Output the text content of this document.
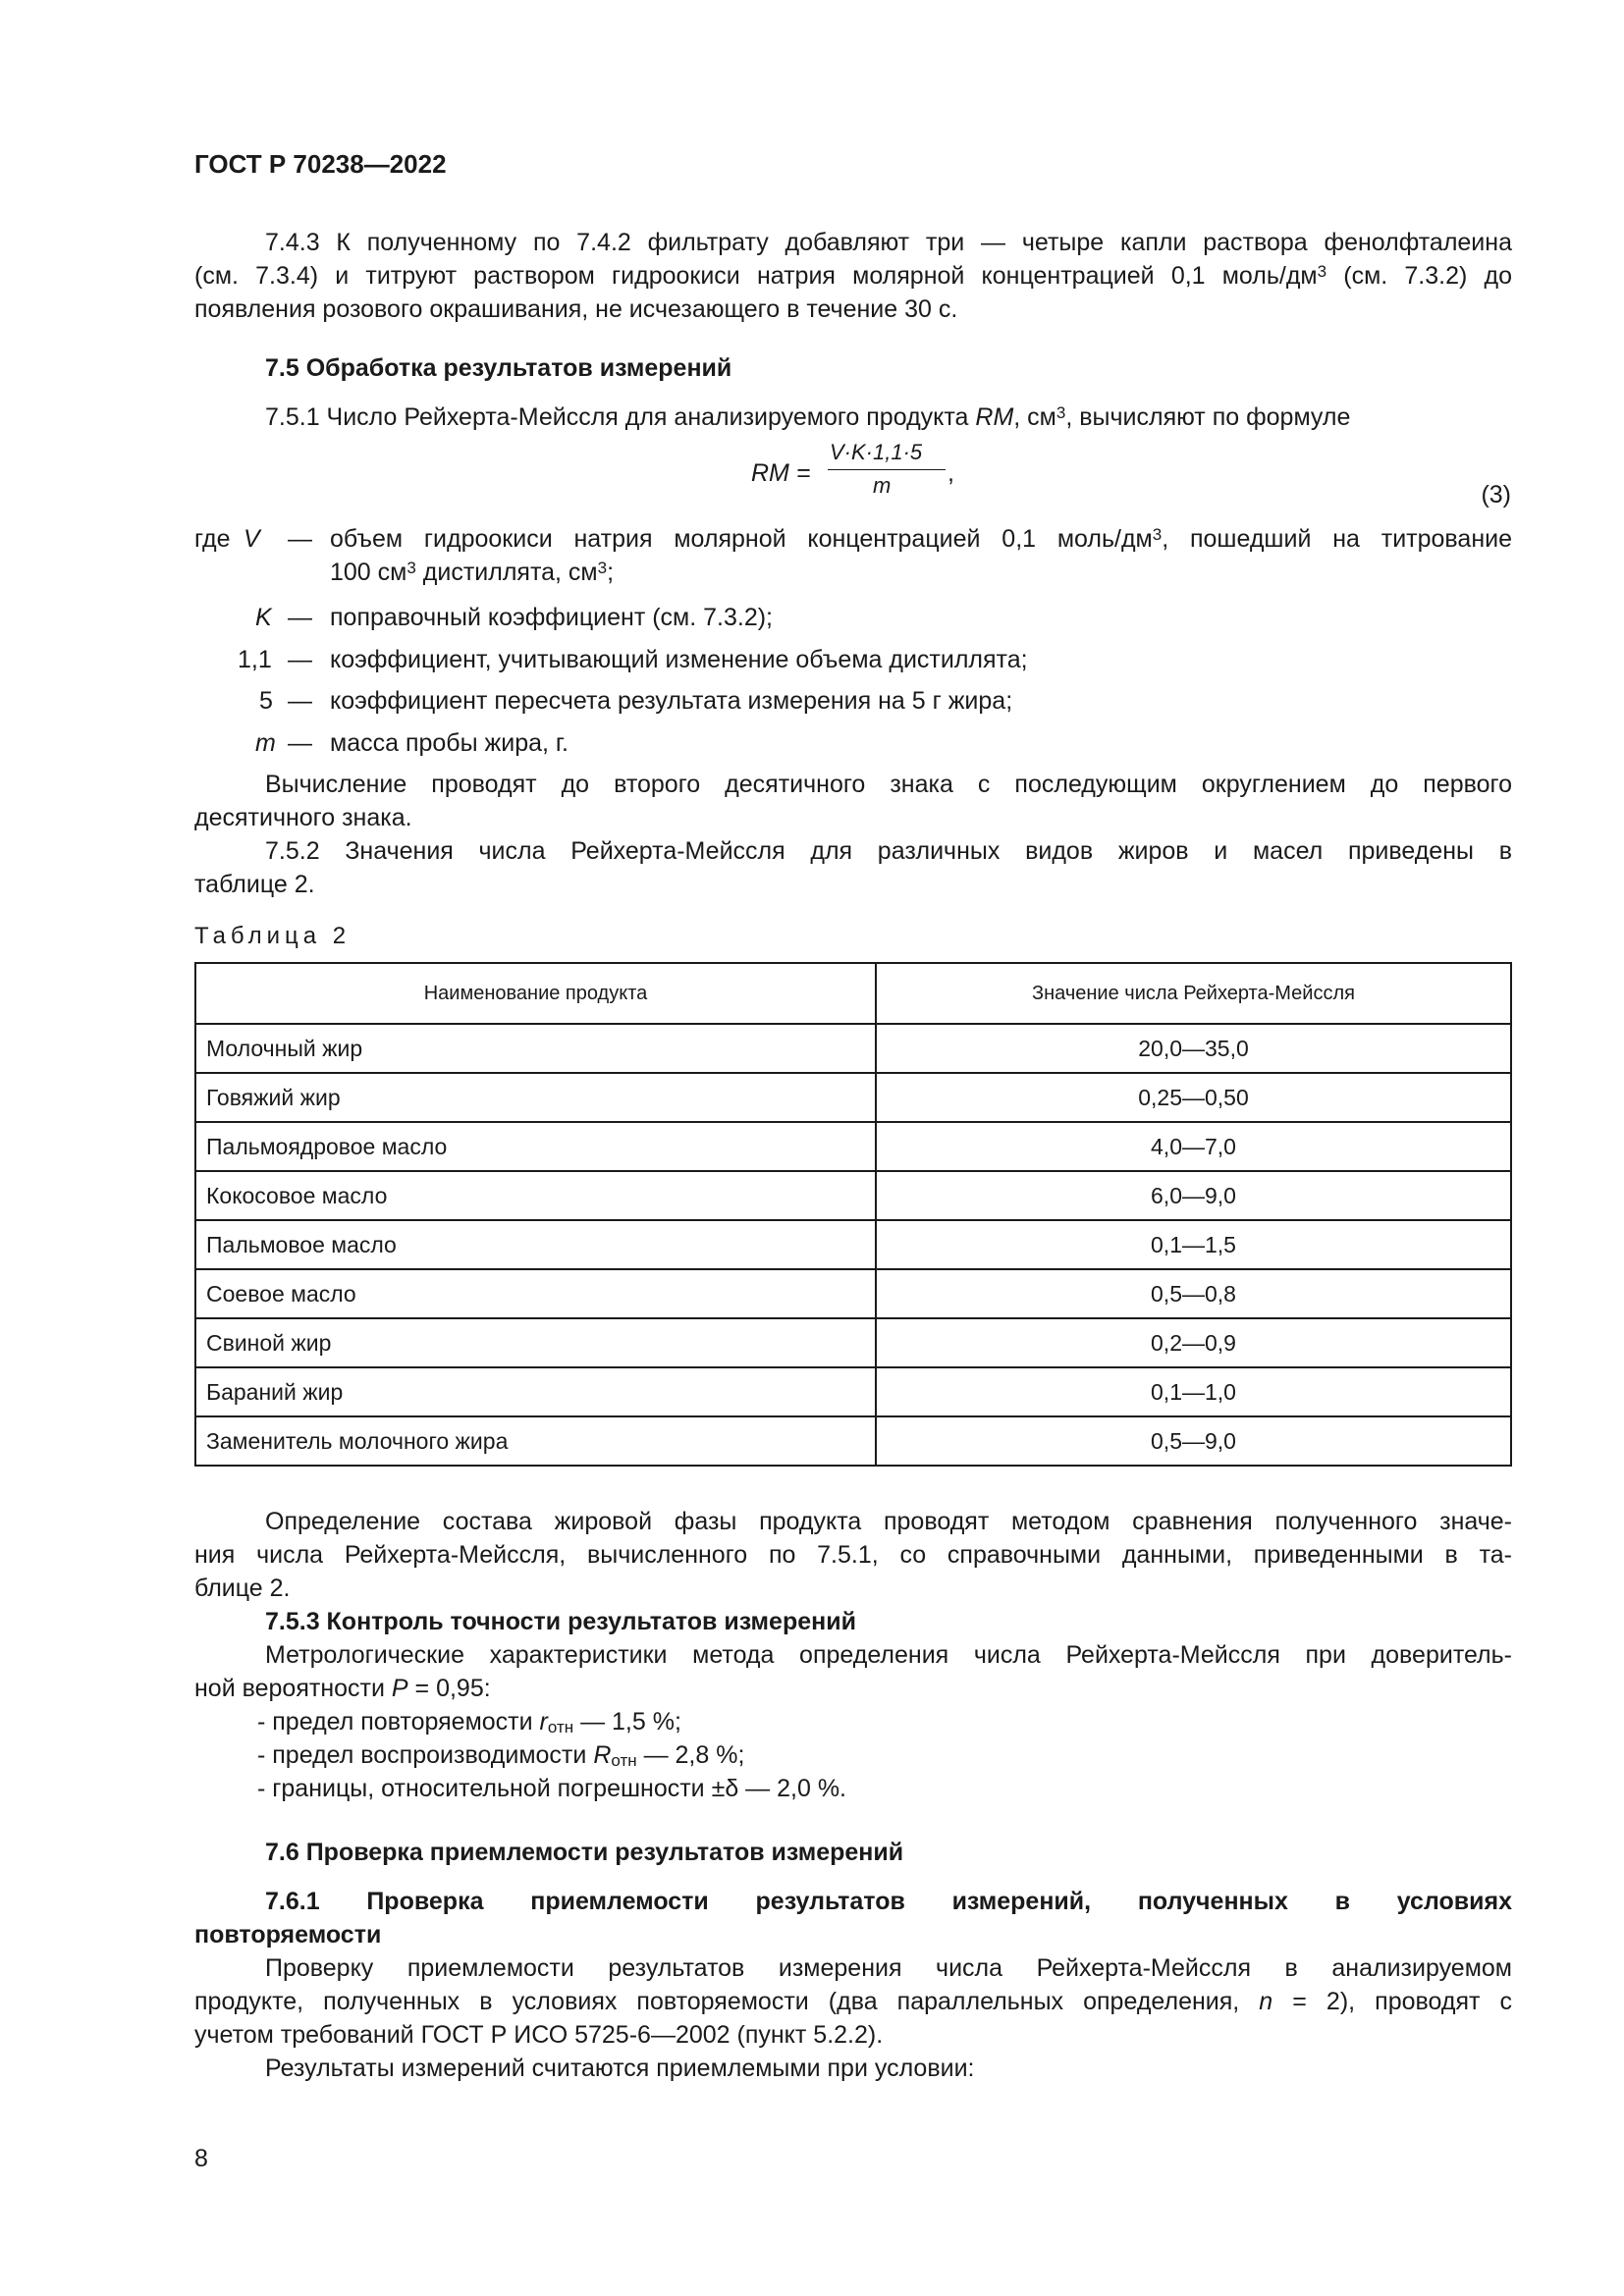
ГОСТ Р 70238—2022
7.4.3 К полученному по 7.4.2 фильтрату добавляют три — четыре капли раствора фенолфталеина
(см. 7.3.4) и титруют раствором гидроокиси натрия молярной концентрацией 0,1 моль/$дм^3$ (см. 7.3.2) до
появления розового окрашивания, не исчезающего в течение 30 с.
7.5 Обработка результатов измерений
7.5.1 Число Рейхерта-Мейссля для анализируемого продукта RM, $см^3$, вычисляют по формуле
RM =
V·K·1,1·5
m ,
(3)
где V — объем гидроокиси натрия молярной концентрацией 0,1 моль/$дм^3$, пошедший на титрование
100 $см^3$ дистиллята, $см^3$;
K — поправочный коэффициент (см. 7.3.2);
1,1 — коэффициент, учитывающий изменение объема дистиллята;
5 — коэффициент пересчета результата измерения на 5 г жира;
m — масса пробы жира, г.
Вычисление проводят до второго десятичного знака с последующим округлением до первого
десятичного знака.
7.5.2 Значения числа Рейхерта-Мейссля для различных видов жиров и масел приведены в
таблице 2.
Таблица 2
Наименование продукта	Значение числа Рейхерта-Мейссля
Молочный жир	20,0—35,0
Говяжий жир	0,25—0,50
Пальмоядровое масло	4,0—7,0
Кокосовое масло	6,0—9,0
Пальмовое масло	0,1—1,5
Соевое масло	0,5—0,8
Свиной жир	0,2—0,9
Бараний жир	0,1—1,0
Заменитель молочного жира	0,5—9,0
Определение состава жировой фазы продукта проводят методом сравнения полученного значе-
ния числа Рейхерта-Мейссля, вычисленного по 7.5.1, со справочными данными, приведенными в та-
блице 2.
7.5.3 Контроль точности результатов измерений
Метрологические характеристики метода определения числа Рейхерта-Мейссля при доверитель-
ной вероятности P = 0,95:
- предел повторяемости $r_{отн}$ — 1,5 %;
- предел воспроизводимости $R_{отн}$ — 2,8 %;
- границы, относительной погрешности ±δ — 2,0 %.
7.6 Проверка приемлемости результатов измерений
7.6.1 Проверка приемлемости результатов измерений, полученных в условиях
повторяемости
Проверку приемлемости результатов измерения числа Рейхерта-Мейссля в анализируемом
продукте, полученных в условиях повторяемости (два параллельных определения, n = 2), проводят с
учетом требований ГОСТ Р ИСО 5725-6—2002 (пункт 5.2.2).
Результаты измерений считаются приемлемыми при условии:
8
